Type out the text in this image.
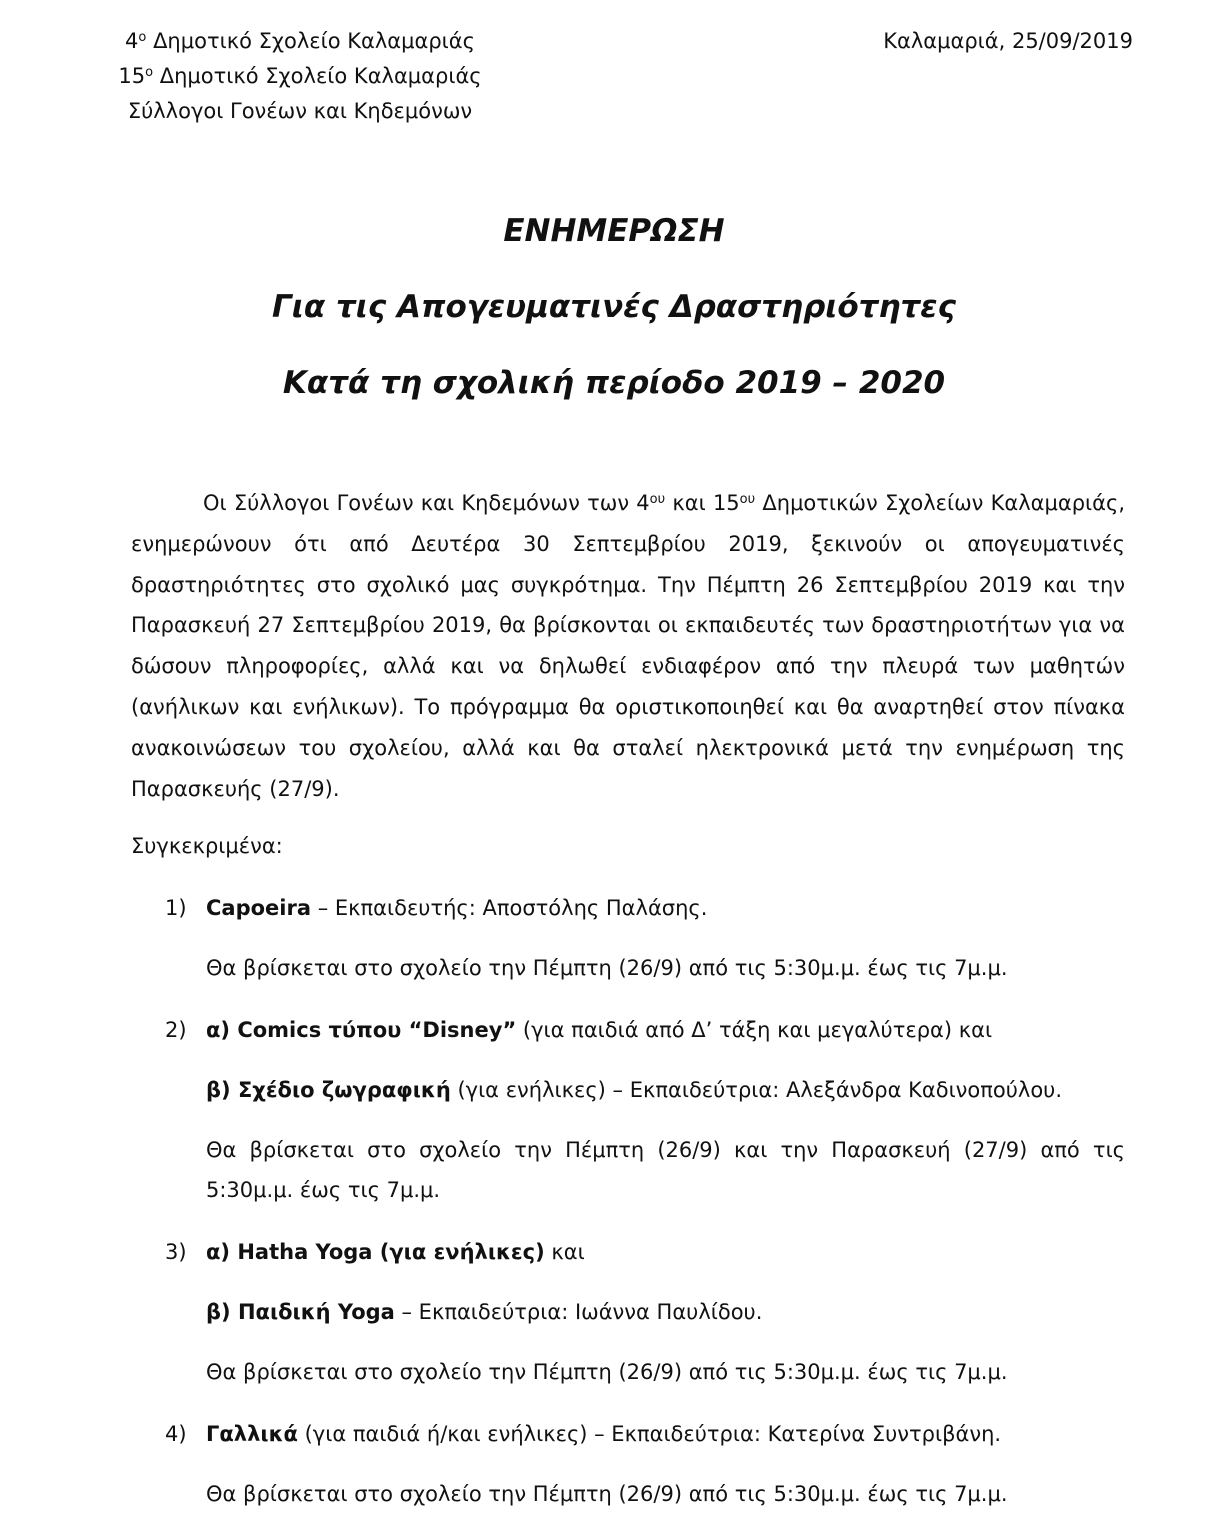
$4^o$ Δημοτικό Σχολείο Καλαμαριάς
$15^o$ Δημοτικό Σχολείο Καλαμαριάς
Σύλλογοι Γονέων και Κηδεμόνων
Καλαμαριά, 25/09/2019
ΕΝΗΜΕΡΩΣΗ
Για τις Απογευματινές Δραστηριότητες
Κατά τη σχολική περίοδο 2019 – 2020
Οι Σύλλογοι Γονέων και Κηδεμόνων των $4^{o\upsilon}$ και $15^{o\upsilon}$ Δημοτικών Σχολείων Καλαμαριάς, ενημερώνουν ότι από Δευτέρα 30 Σεπτεμβρίου 2019, ξεκινούν οι απογευματινές δραστηριότητες στο σχολικό μας συγκρότημα. Την Πέμπτη 26 Σεπτεμβρίου 2019 και την Παρασκευή 27 Σεπτεμβρίου 2019, θα βρίσκονται οι εκπαιδευτές των δραστηριοτήτων για να δώσουν πληροφορίες, αλλά και να δηλωθεί ενδιαφέρον από την πλευρά των μαθητών (ανήλικων και ενήλικων). Το πρόγραμμα θα οριστικοποιηθεί και θα αναρτηθεί στον πίνακα ανακοινώσεων του σχολείου, αλλά και θα σταλεί ηλεκτρονικά μετά την ενημέρωση της Παρασκευής (27/9).
Συγκεκριμένα:
1) Capoeira – Εκπαιδευτής: Αποστόλης Παλάσης.
Θα βρίσκεται στο σχολείο την Πέμπτη (26/9) από τις 5:30μ.μ. έως τις 7μ.μ.
2) α) Comics τύπου “Disney” (για παιδιά από Δ’ τάξη και μεγαλύτερα) και
β) Σχέδιο ζωγραφική (για ενήλικες) – Εκπαιδεύτρια: Αλεξάνδρα Καδινοπούλου.
Θα βρίσκεται στο σχολείο την Πέμπτη (26/9) και την Παρασκευή (27/9) από τις 5:30μ.μ. έως τις 7μ.μ.
3) α) Hatha Yoga (για ενήλικες) και
β) Παιδική Yoga – Εκπαιδεύτρια: Ιωάννα Παυλίδου.
Θα βρίσκεται στο σχολείο την Πέμπτη (26/9) από τις 5:30μ.μ. έως τις 7μ.μ.
4) Γαλλικά (για παιδιά ή/και ενήλικες) – Εκπαιδεύτρια: Κατερίνα Συντριβάνη.
Θα βρίσκεται στο σχολείο την Πέμπτη (26/9) από τις 5:30μ.μ. έως τις 7μ.μ.
